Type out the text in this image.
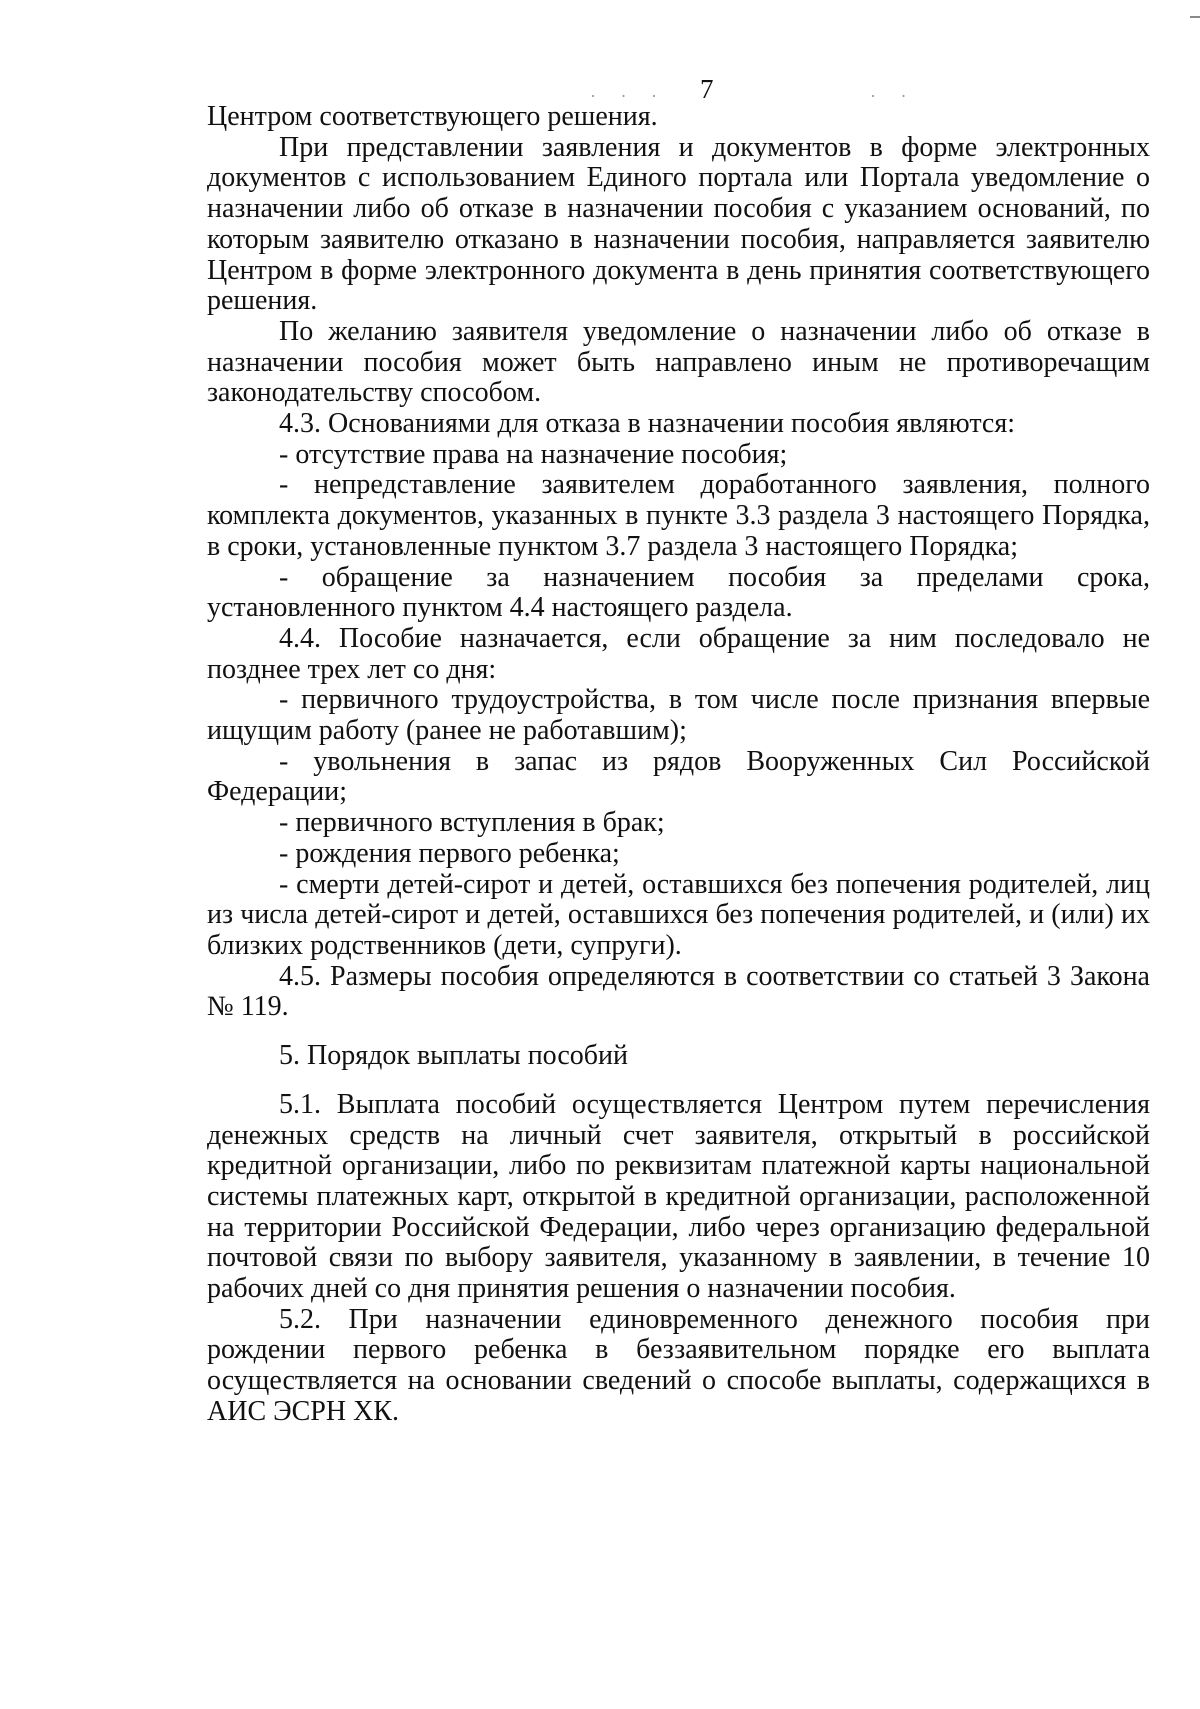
· · ·	· ·
7

Центром соответствующего решения.

При представлении заявления и документов в форме электронных документов с использованием Единого портала или Портала уведомление о назначении либо об отказе в назначении пособия с указанием оснований, по которым заявителю отказано в назначении пособия, направляется заявителю Центром в форме электронного документа в день принятия соответствующего решения.

По желанию заявителя уведомление о назначении либо об отказе в назначении пособия может быть направлено иным не противоречащим законодательству способом.

4.3. Основаниями для отказа в назначении пособия являются:

- отсутствие права на назначение пособия;

- непредставление заявителем доработанного заявления, полного комплекта документов, указанных в пункте 3.3 раздела 3 настоящего Порядка, в сроки, установленные пунктом 3.7 раздела 3 настоящего Порядка;

- обращение за назначением пособия за пределами срока, установленного пунктом 4.4 настоящего раздела.

4.4. Пособие назначается, если обращение за ним последовало не позднее трех лет со дня:

- первичного трудоустройства, в том числе после признания впервые ищущим работу (ранее не работавшим);

- увольнения в запас из рядов Вооруженных Сил Российской Федерации;

- первичного вступления в брак;

- рождения первого ребенка;

- смерти детей-сирот и детей, оставшихся без попечения родителей, лиц из числа детей-сирот и детей, оставшихся без попечения родителей, и (или) их близких родственников (дети, супруги).

4.5. Размеры пособия определяются в соответствии со статьей 3 Закона № 119.

5. Порядок выплаты пособий

5.1. Выплата пособий осуществляется Центром путем перечисления денежных средств на личный счет заявителя, открытый в российской кредитной организации, либо по реквизитам платежной карты национальной системы платежных карт, открытой в кредитной организации, расположенной на территории Российской Федерации, либо через организацию федеральной почтовой связи по выбору заявителя, указанному в заявлении, в течение 10 рабочих дней со дня принятия решения о назначении пособия.

5.2. При назначении единовременного денежного пособия при рождении первого ребенка в беззаявительном порядке его выплата осуществляется на основании сведений о способе выплаты, содержащихся в АИС ЭСРН ХК.
